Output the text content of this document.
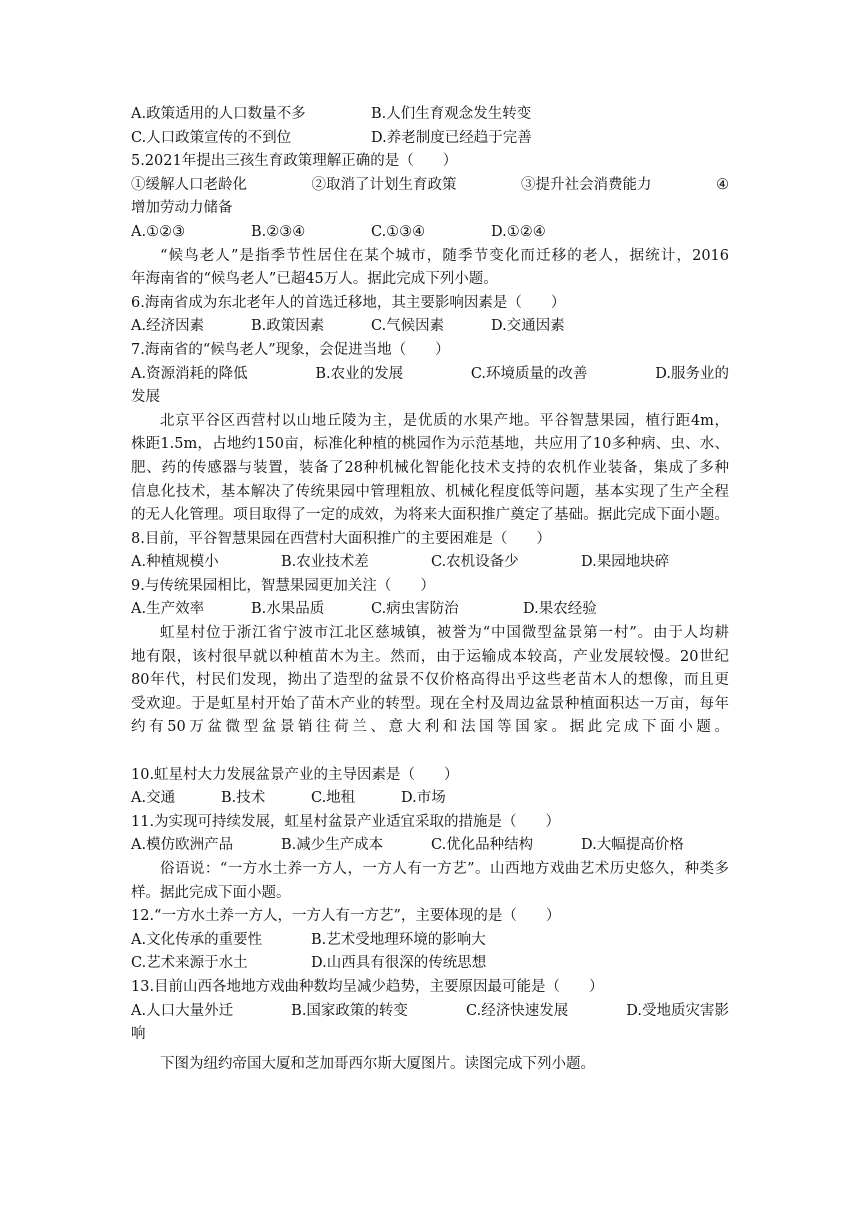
A.政策适用的人口数量不多	B.人们生育观念发生转变
C.人口政策宣传的不到位	D.养老制度已经趋于完善
5.2021年提出三孩生育政策理解正确的是（　　）
①缓解人口老龄化	②取消了计划生育政策	③提升社会消费能力	④
增加劳动力储备
A.①②③	B.②③④	C.①③④	D.①②④
“候鸟老人”是指季节性居住在某个城市，随季节变化而迁移的老人，据统计，2016
年海南省的“候鸟老人”已超45万人。据此完成下列小题。
6.海南省成为东北老年人的首选迁移地，其主要影响因素是（　　）
A.经济因素	B.政策因素	C.气候因素	D.交通因素
7.海南省的“候鸟老人”现象，会促进当地（　　）
A.资源消耗的降低	B.农业的发展	C.环境质量的改善	D.服务业的
发展
北京平谷区西营村以山地丘陵为主，是优质的水果产地。平谷智慧果园，植行距4m，
株距1.5m，占地约150亩，标准化种植的桃园作为示范基地，共应用了10多种病、虫、水、
肥、药的传感器与装置，装备了28种机械化智能化技术支持的农机作业装备，集成了多种
信息化技术，基本解决了传统果园中管理粗放、机械化程度低等问题，基本实现了生产全程
的无人化管理。项目取得了一定的成效，为将来大面积推广奠定了基础。据此完成下面小题。
8.目前，平谷智慧果园在西营村大面积推广的主要困难是（　　）
A.种植规模小	B.农业技术差	C.农机设备少	D.果园地块碎
9.与传统果园相比，智慧果园更加关注（　　）
A.生产效率	B.水果品质	C.病虫害防治	D.果农经验
虹星村位于浙江省宁波市江北区慈城镇，被誉为“中国微型盆景第一村”。由于人均耕
地有限，该村很早就以种植苗木为主。然而，由于运输成本较高，产业发展较慢。20世纪
80年代，村民们发现，拗出了造型的盆景不仅价格高得出乎这些老苗木人的想像，而且更
受欢迎。于是虹星村开始了苗木产业的转型。现在全村及周边盆景种植面积达一万亩，每年
约有50万盆微型盆景销往荷兰、意大利和法国等国家。据此完成下面小题。
10.虹星村大力发展盆景产业的主导因素是（　　）
A.交通	B.技术	C.地租	D.市场
11.为实现可持续发展，虹星村盆景产业适宜采取的措施是（　　）
A.模仿欧洲产品	B.减少生产成本	C.优化品种结构	D.大幅提高价格
俗语说：“一方水土养一方人，一方人有一方艺”。山西地方戏曲艺术历史悠久，种类多
样。据此完成下面小题。
12.“一方水土养一方人，一方人有一方艺”，主要体现的是（　　）
A.文化传承的重要性	B.艺术受地理环境的影响大
C.艺术来源于水土	D.山西具有很深的传统思想
13.目前山西各地地方戏曲种数均呈减少趋势，主要原因最可能是（　　）
A.人口大量外迁	B.国家政策的转变	C.经济快速发展	D.受地质灾害影
响
下图为纽约帝国大厦和芝加哥西尔斯大厦图片。读图完成下列小题。
